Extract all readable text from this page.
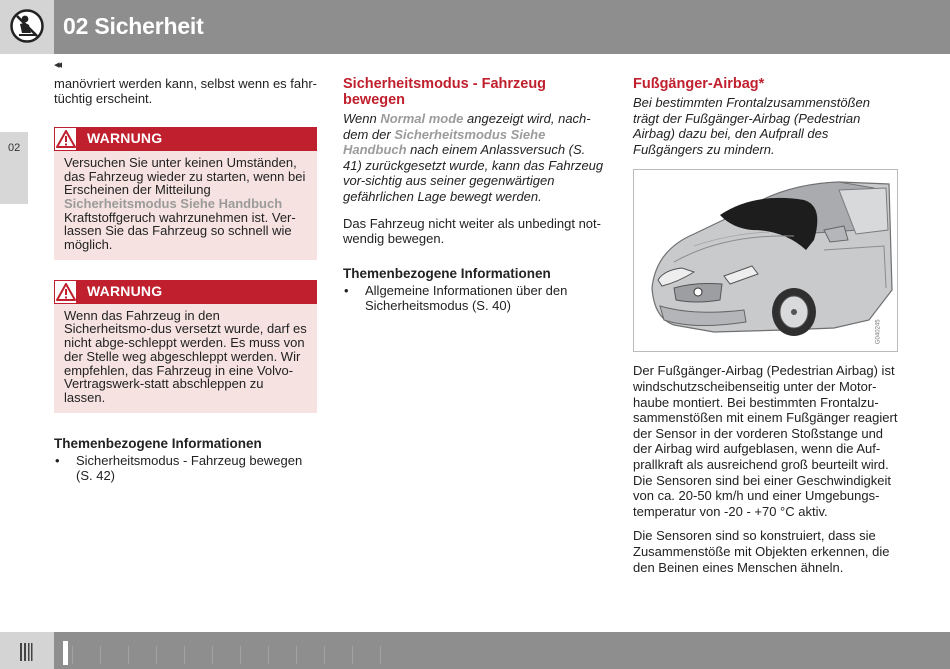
02 Sicherheit
◂◂
02

manövriert werden kann, selbst wenn es fahr-tüchtig erscheint.

WARNUNG
Versuchen Sie unter keinen Umständen, das Fahrzeug wieder zu starten, wenn bei Erscheinen der Mitteilung Sicherheitsmodus Siehe Handbuch Kraftstoffgeruch wahrzunehmen ist. Ver-lassen Sie das Fahrzeug so schnell wie möglich.
WARNUNG
Wenn das Fahrzeug in den Sicherheitsmo-dus versetzt wurde, darf es nicht abge-schleppt werden. Es muss von der Stelle weg abgeschleppt werden. Wir empfehlen, das Fahrzeug in eine Volvo-Vertragswerk-statt abschleppen zu lassen.
Themenbezogene Informationen
• Sicherheitsmodus - Fahrzeug bewegen (S. 42)
Sicherheitsmodus - Fahrzeug bewegen

Wenn Normal mode angezeigt wird, nach-dem der Sicherheitsmodus Siehe Handbuch nach einem Anlassversuch (S. 41) zurückgesetzt wurde, kann das Fahrzeug vor-sichtig aus seiner gegenwärtigen gefährlichen Lage bewegt werden.

Das Fahrzeug nicht weiter als unbedingt not-wendig bewegen.

Themenbezogene Informationen
• Allgemeine Informationen über den Sicherheitsmodus (S. 40)
Fußgänger-Airbag*

Bei bestimmten Frontalzusammenstößen trägt der Fußgänger-Airbag (Pedestrian Airbag) dazu bei, den Aufprall des Fußgängers zu mindern.

G040245

Der Fußgänger-Airbag (Pedestrian Airbag) ist windschutzscheibenseitig unter der Motor-haube montiert. Bei bestimmten Frontalzu-sammenstößen mit einem Fußgänger reagiert der Sensor in der vorderen Stoßstange und der Airbag wird aufgeblasen, wenn die Auf-prallkraft als ausreichend groß beurteilt wird. Die Sensoren sind bei einer Geschwindigkeit von ca. 20-50 km/h und einer Umgebungs-temperatur von -20 - +70 °C aktiv.

Die Sensoren sind so konstruiert, dass sie Zusammenstöße mit Objekten erkennen, die den Beinen eines Menschen ähneln.
